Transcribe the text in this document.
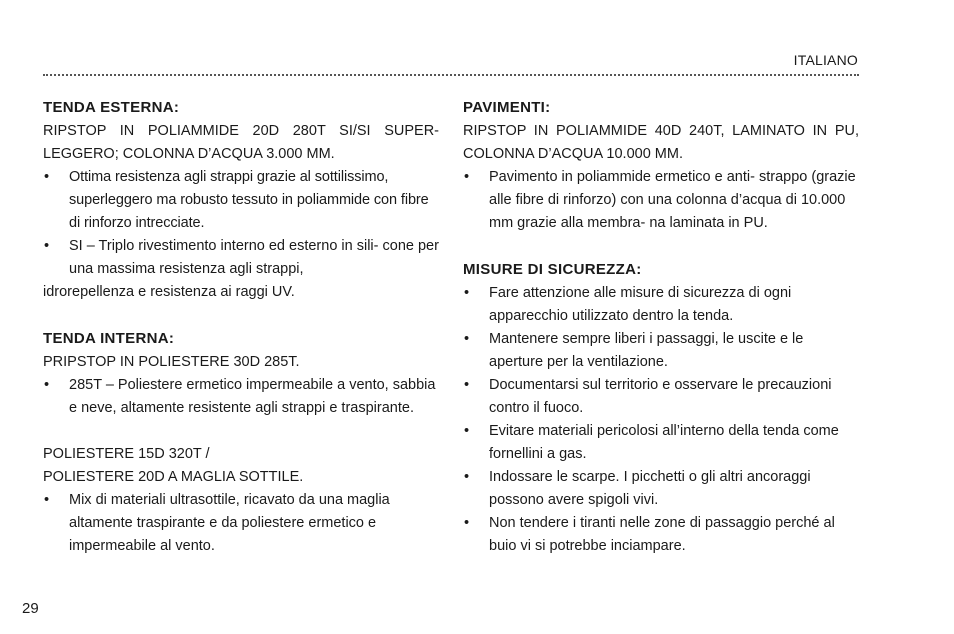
ITALIANO
TENDA ESTERNA:

RIPSTOP IN POLIAMMIDE 20D 280T SI/SI SUPER-

LEGGERO; COLONNA D’ACQUA 3.000 MM.

• Ottima resistenza agli strappi grazie al sottilissimo, superleggero ma robusto tessuto in poliammide con fibre di rinforzo intrecciate.
• SI – Triplo rivestimento interno ed esterno in sili- cone per una massima resistenza agli strappi,

idrorepellenza e resistenza ai raggi UV.

TENDA INTERNA:

PRIPSTOP IN POLIESTERE 30D 285T.

• 285T – Poliestere ermetico impermeabile a vento, sabbia e neve, altamente resistente agli strappi e traspirante.

POLIESTERE 15D 320T /

POLIESTERE 20D A MAGLIA SOTTILE.

• Mix di materiali ultrasottile, ricavato da una maglia altamente traspirante e da poliestere ermetico e impermeabile al vento.
PAVIMENTI:

RIPSTOP IN POLIAMMIDE 40D 240T, LAMINATO IN PU,

COLONNA D’ACQUA 10.000 MM.

• Pavimento in poliammide ermetico e anti- strappo (grazie alle fibre di rinforzo) con una colonna d’acqua di 10.000 mm grazie alla membra- na laminata in PU.
MISURE DI SICUREZZA:
• Fare attenzione alle misure di sicurezza di ogni apparecchio utilizzato dentro la tenda.
• Mantenere sempre liberi i passaggi, le uscite e le aperture per la ventilazione.
• Documentarsi sul territorio e osservare le precauzioni contro il fuoco.
• Evitare materiali pericolosi all’interno della tenda come fornellini a gas.
• Indossare le scarpe. I picchetti o gli altri ancoraggi possono avere spigoli vivi.
• Non tendere i tiranti nelle zone di passaggio perché al buio vi si potrebbe inciampare.
29
